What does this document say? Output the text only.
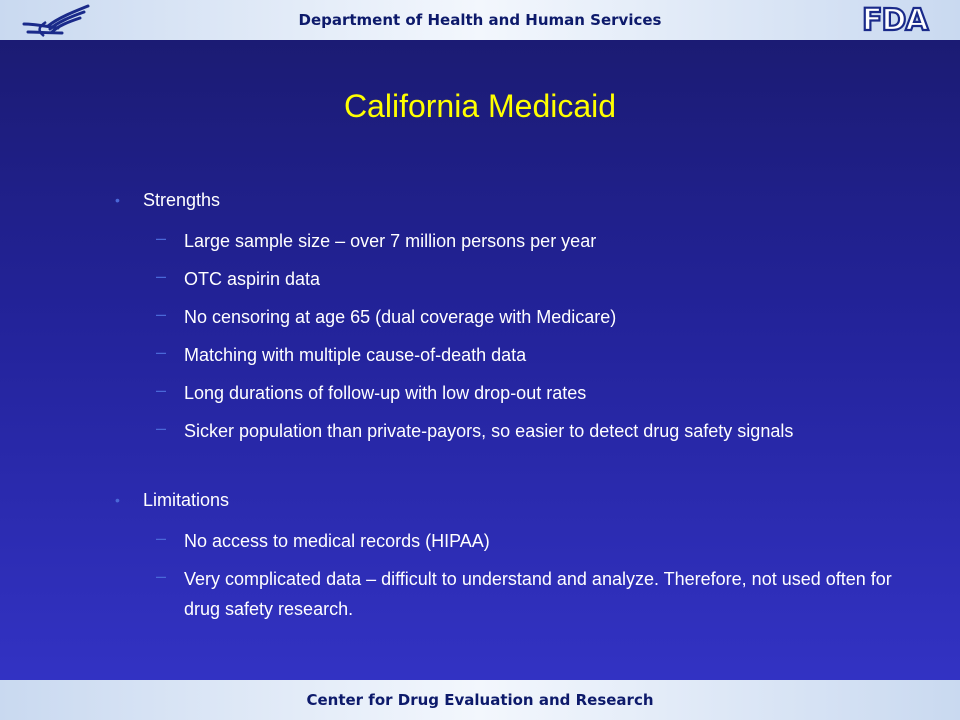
Department of Health and Human Services	FDA
California Medicaid
• Strengths
– Large sample size – over 7 million persons per year
– OTC aspirin data
– No censoring at age 65 (dual coverage with Medicare)
– Matching with multiple cause-of-death data
– Long durations of follow-up with low drop-out rates
– Sicker population than private-payors, so easier to detect drug safety signals
• Limitations
– No access to medical records (HIPAA)
– Very complicated data – difficult to understand and analyze. Therefore, not used often for drug safety research.
Center for Drug Evaluation and Research
